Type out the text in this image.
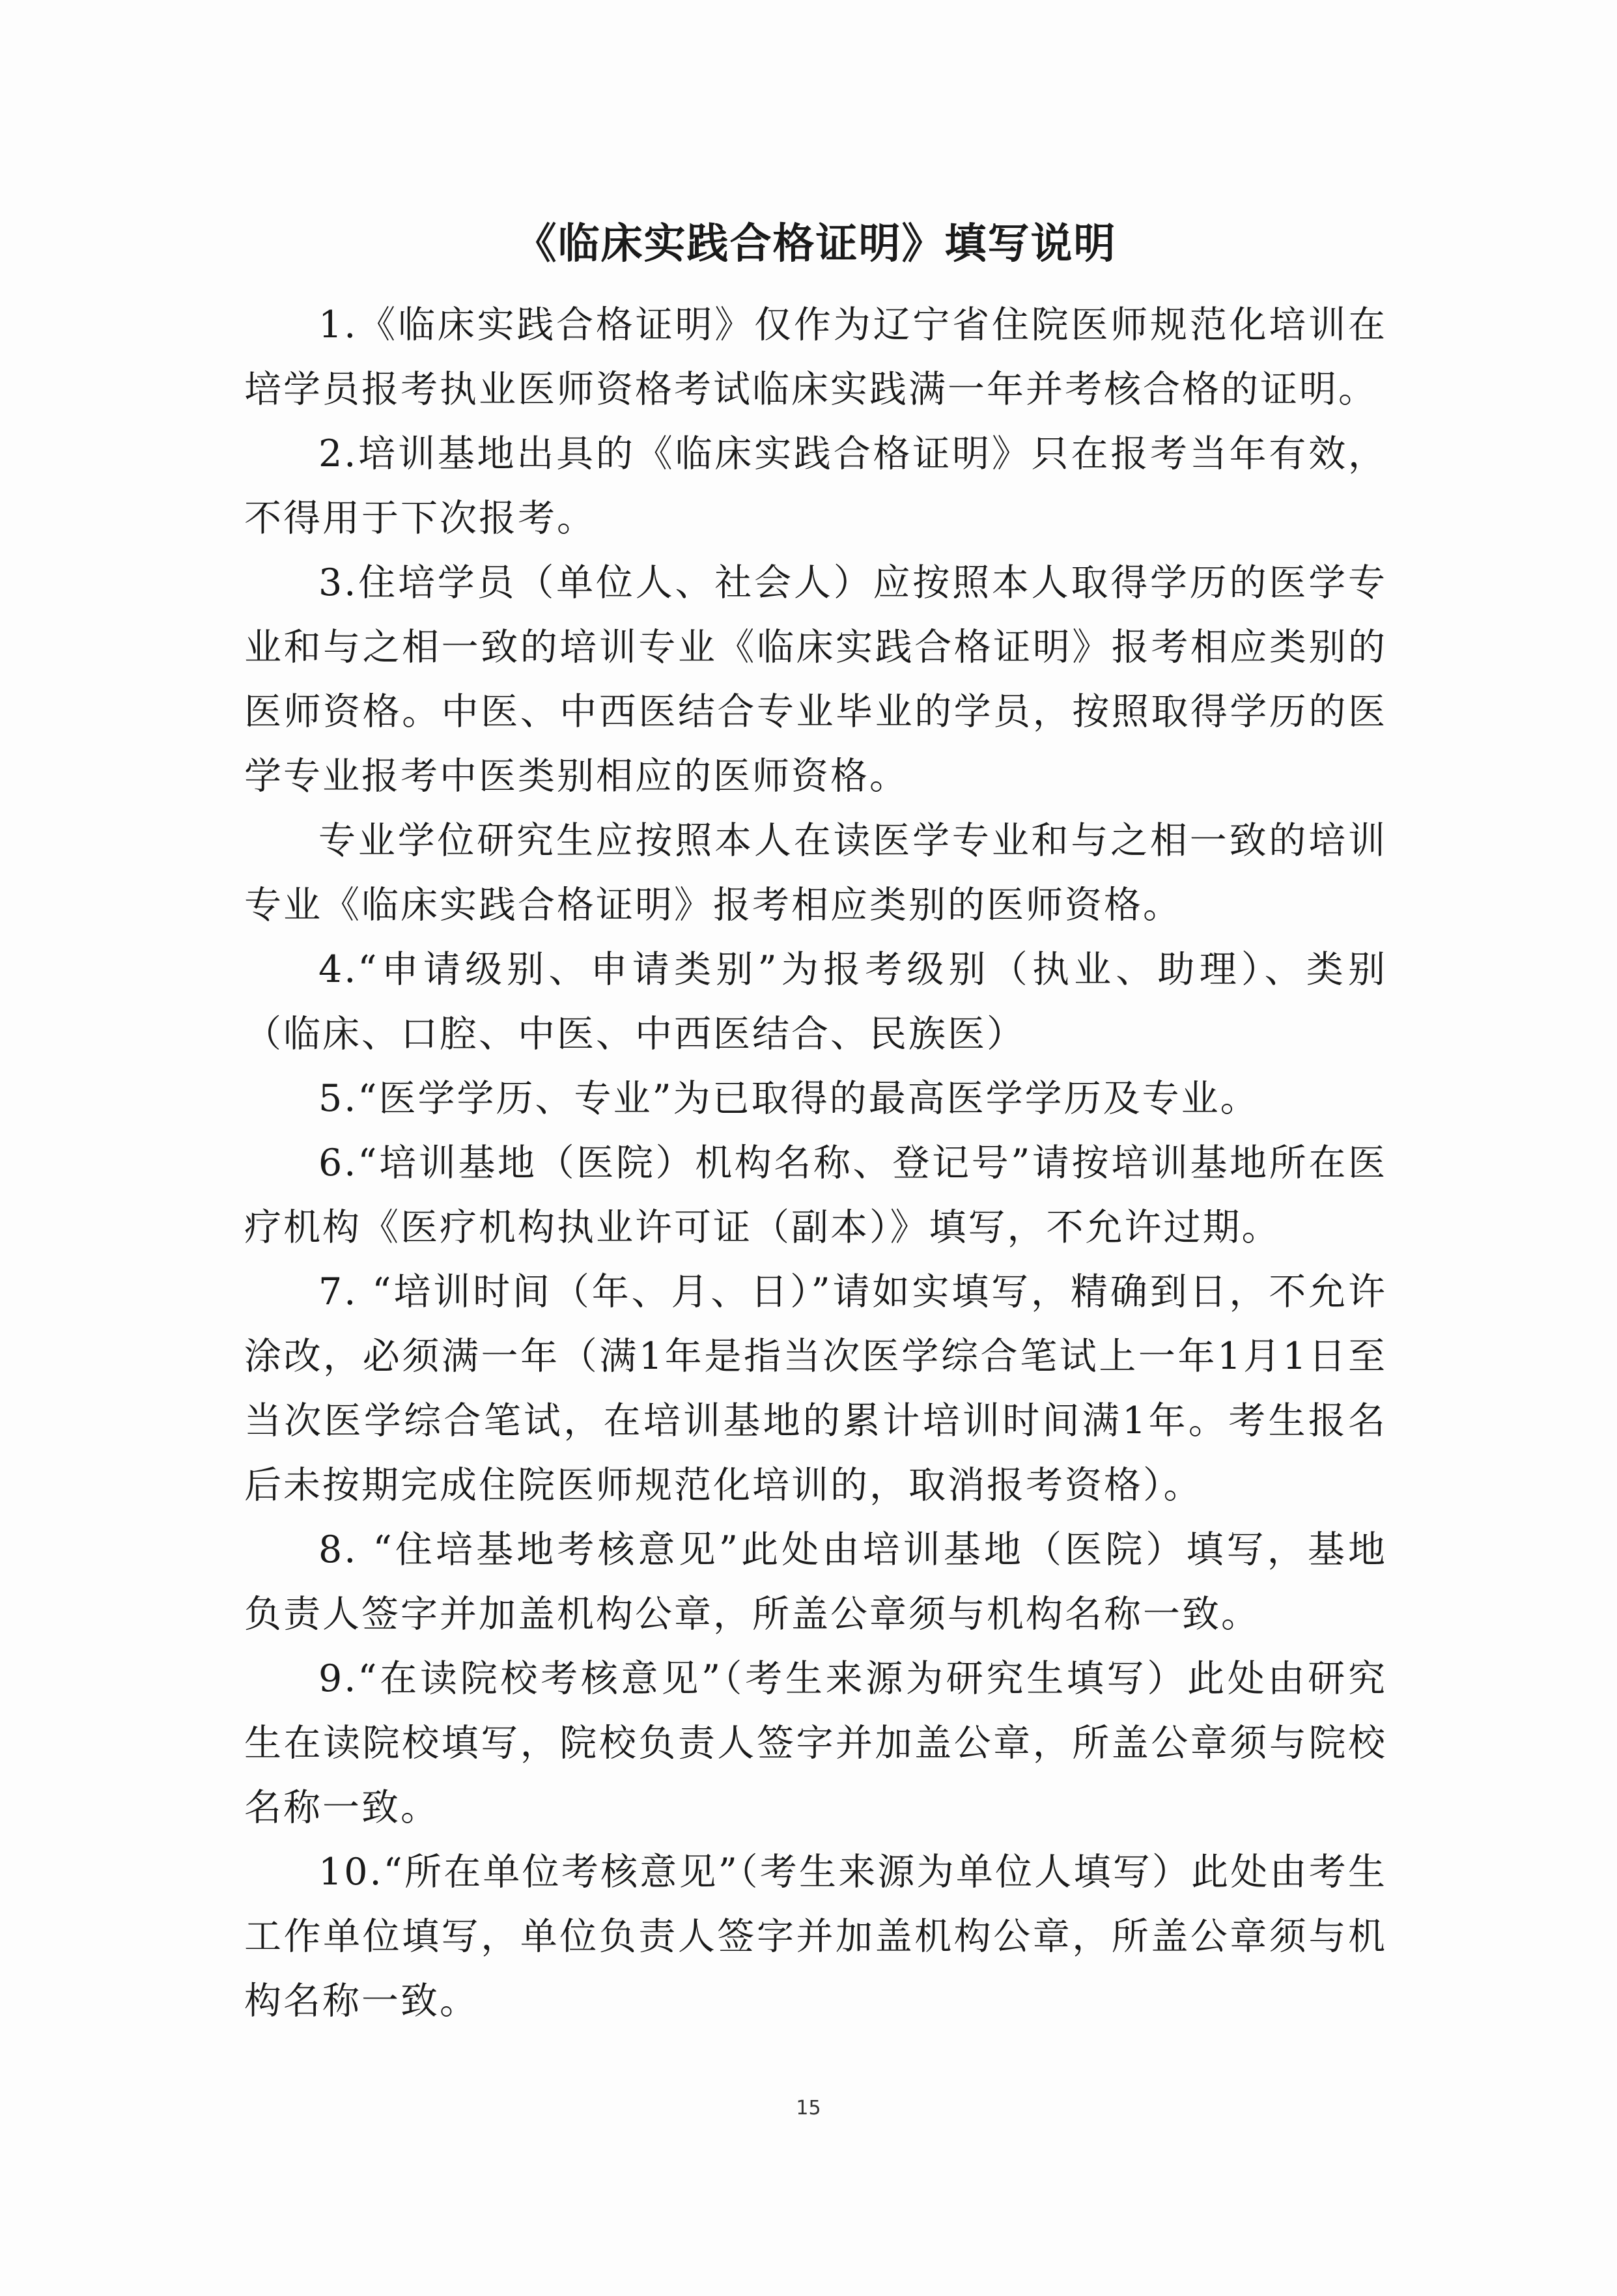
《临床实践合格证明》填写说明

1.《临床实践合格证明》仅作为辽宁省住院医师规范化培训在培学员报考执业医师资格考试临床实践满一年并考核合格的证明。

2.培训基地出具的《临床实践合格证明》只在报考当年有效，不得用于下次报考。

3.住培学员（单位人、社会人）应按照本人取得学历的医学专业和与之相一致的培训专业《临床实践合格证明》报考相应类别的医师资格。中医、中西医结合专业毕业的学员，按照取得学历的医学专业报考中医类别相应的医师资格。

专业学位研究生应按照本人在读医学专业和与之相一致的培训专业《临床实践合格证明》报考相应类别的医师资格。

4.“申请级别、申请类别”为报考级别（执业、助理）、类别（临床、口腔、中医、中西医结合、民族医）

5.“医学学历、专业”为已取得的最高医学学历及专业。

6.“培训基地（医院）机构名称、登记号”请按培训基地所在医疗机构《医疗机构执业许可证（副本）》填写，不允许过期。

7. “培训时间（年、月、日）”请如实填写，精确到日，不允许涂改，必须满一年（满1年是指当次医学综合笔试上一年1月1日至当次医学综合笔试，在培训基地的累计培训时间满1年。考生报名后未按期完成住院医师规范化培训的，取消报考资格）。

8. “住培基地考核意见”此处由培训基地（医院）填写，基地负责人签字并加盖机构公章，所盖公章须与机构名称一致。

9.“在读院校考核意见”（考生来源为研究生填写）此处由研究生在读院校填写，院校负责人签字并加盖公章，所盖公章须与院校名称一致。

10.“所在单位考核意见”（考生来源为单位人填写）此处由考生工作单位填写，单位负责人签字并加盖机构公章，所盖公章须与机构名称一致。

15
